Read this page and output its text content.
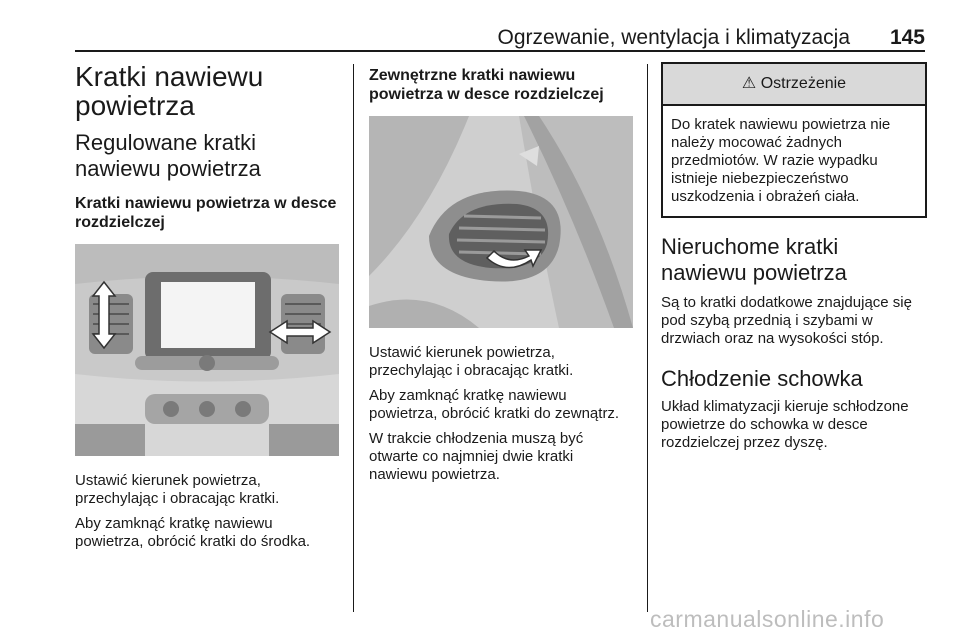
Ogrzewanie, wentylacja i klimatyzacja 145
Kratki nawiewu powietrza
Regulowane kratki nawiewu powietrza
Kratki nawiewu powietrza w desce rozdzielczej

Ustawić kierunek powietrza, przechylając i obracając kratki.

Aby zamknąć kratkę nawiewu powietrza, obrócić kratki do środka.

Zewnętrzne kratki nawiewu powietrza w desce rozdzielczej

Ustawić kierunek powietrza, przechylając i obracając kratki.

Aby zamknąć kratkę nawiewu powietrza, obrócić kratki do zewnątrz.

W trakcie chłodzenia muszą być otwarte co najmniej dwie kratki nawiewu powietrza.

⚠ Ostrzeżenie
Do kratek nawiewu powietrza nie należy mocować żadnych przedmiotów. W razie wypadku istnieje niebezpieczeństwo uszkodzenia i obrażeń ciała.
Nieruchome kratki nawiewu powietrza

Są to kratki dodatkowe znajdujące się pod szybą przednią i szybami w drzwiach oraz na wysokości stóp.

Chłodzenie schowka

Układ klimatyzacji kieruje schłodzone powietrze do schowka w desce rozdzielczej przez dyszę.

carmanualsonline.info
